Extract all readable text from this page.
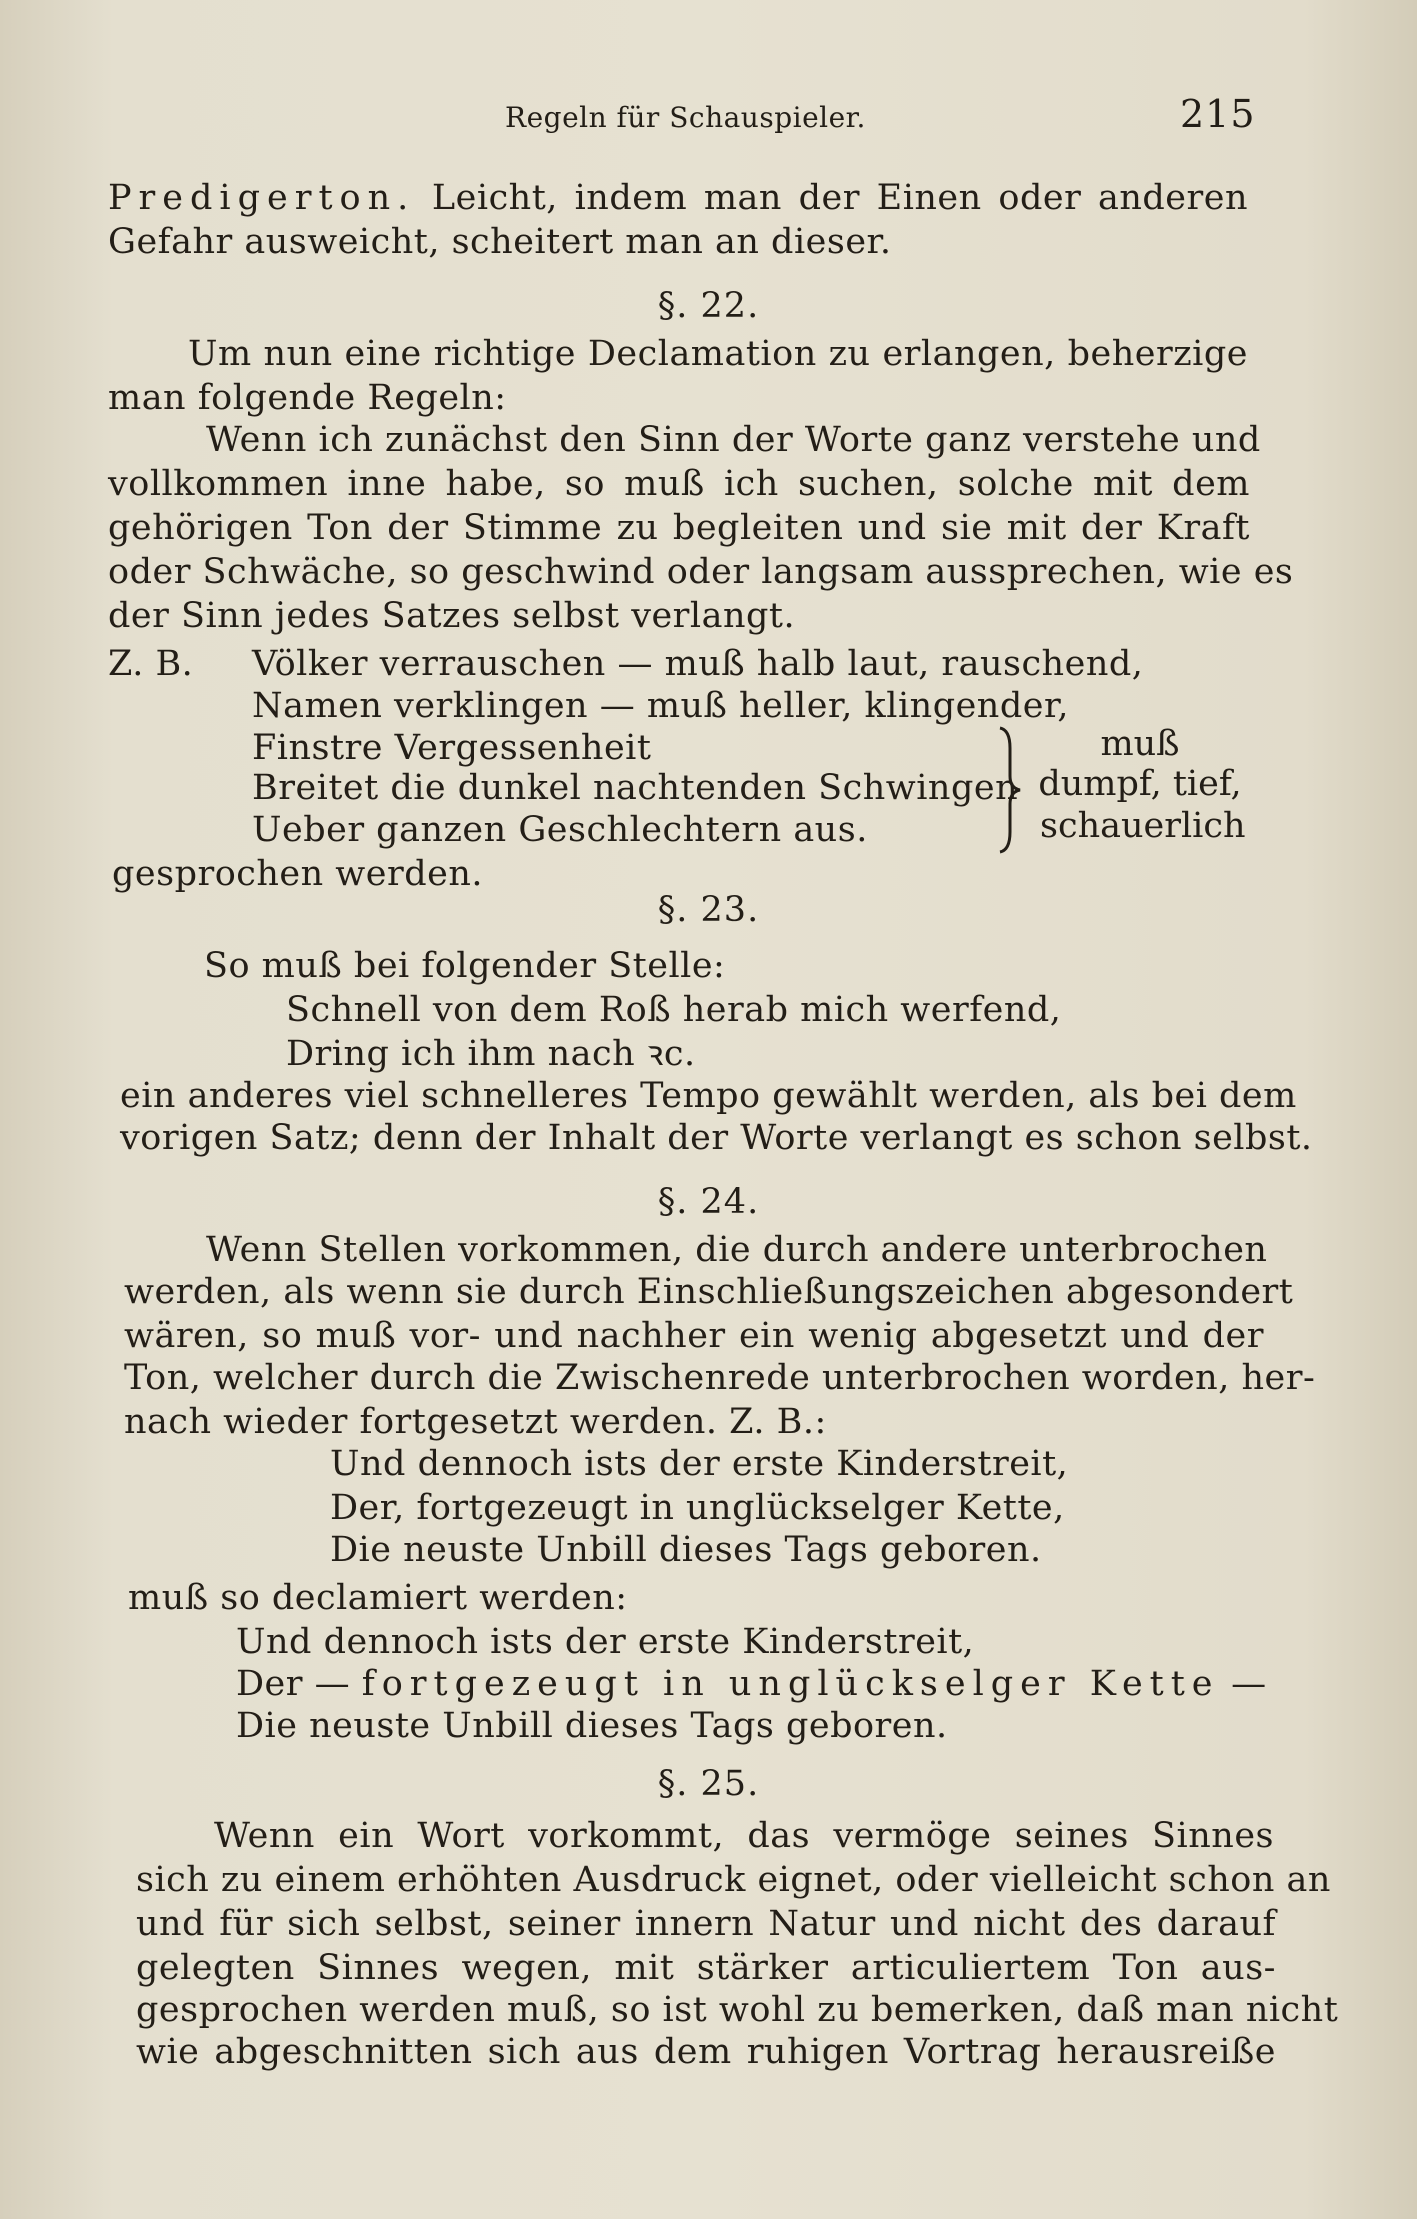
Regeln für Schauspieler.	215
Predigerton. Leicht, indem man der Einen oder anderen
Gefahr ausweicht, scheitert man an dieser.
§. 22.
Um nun eine richtige Declamation zu erlangen, beherzige
man folgende Regeln:
Wenn ich zunächst den Sinn der Worte ganz verstehe und
vollkommen inne habe, so muß ich suchen, solche mit dem
gehörigen Ton der Stimme zu begleiten und sie mit der Kraft
oder Schwäche, so geschwind oder langsam aussprechen, wie es
der Sinn jedes Satzes selbst verlangt.
Z. B. Völker verrauschen — muß halb laut, rauschend,
Namen verklingen — muß heller, klingender,
Finstre Vergessenheit
Breitet die dunkel nachtenden Schwingen
Ueber ganzen Geschlechtern aus.
muß
dumpf, tief,
schauerlich
gesprochen werden.
§. 23.
So muß bei folgender Stelle:
Schnell von dem Roß herab mich werfend,
Dring ich ihm nach ꝛc.
ein anderes viel schnelleres Tempo gewählt werden, als bei dem
vorigen Satz; denn der Inhalt der Worte verlangt es schon selbst.
§. 24.
Wenn Stellen vorkommen, die durch andere unterbrochen
werden, als wenn sie durch Einschließungszeichen abgesondert
wären, so muß vor- und nachher ein wenig abgesetzt und der
Ton, welcher durch die Zwischenrede unterbrochen worden, her-
nach wieder fortgesetzt werden. Z. B.:
Und dennoch ists der erste Kinderstreit,
Der, fortgezeugt in unglückselger Kette,
Die neuste Unbill dieses Tags geboren.
muß so declamiert werden:
Und dennoch ists der erste Kinderstreit,
Der — fortgezeugt in unglückselger Kette —
Die neuste Unbill dieses Tags geboren.
§. 25.
Wenn ein Wort vorkommt, das vermöge seines Sinnes
sich zu einem erhöhten Ausdruck eignet, oder vielleicht schon an
und für sich selbst, seiner innern Natur und nicht des darauf
gelegten Sinnes wegen, mit stärker articuliertem Ton aus-
gesprochen werden muß, so ist wohl zu bemerken, daß man nicht
wie abgeschnitten sich aus dem ruhigen Vortrag herausreiße
